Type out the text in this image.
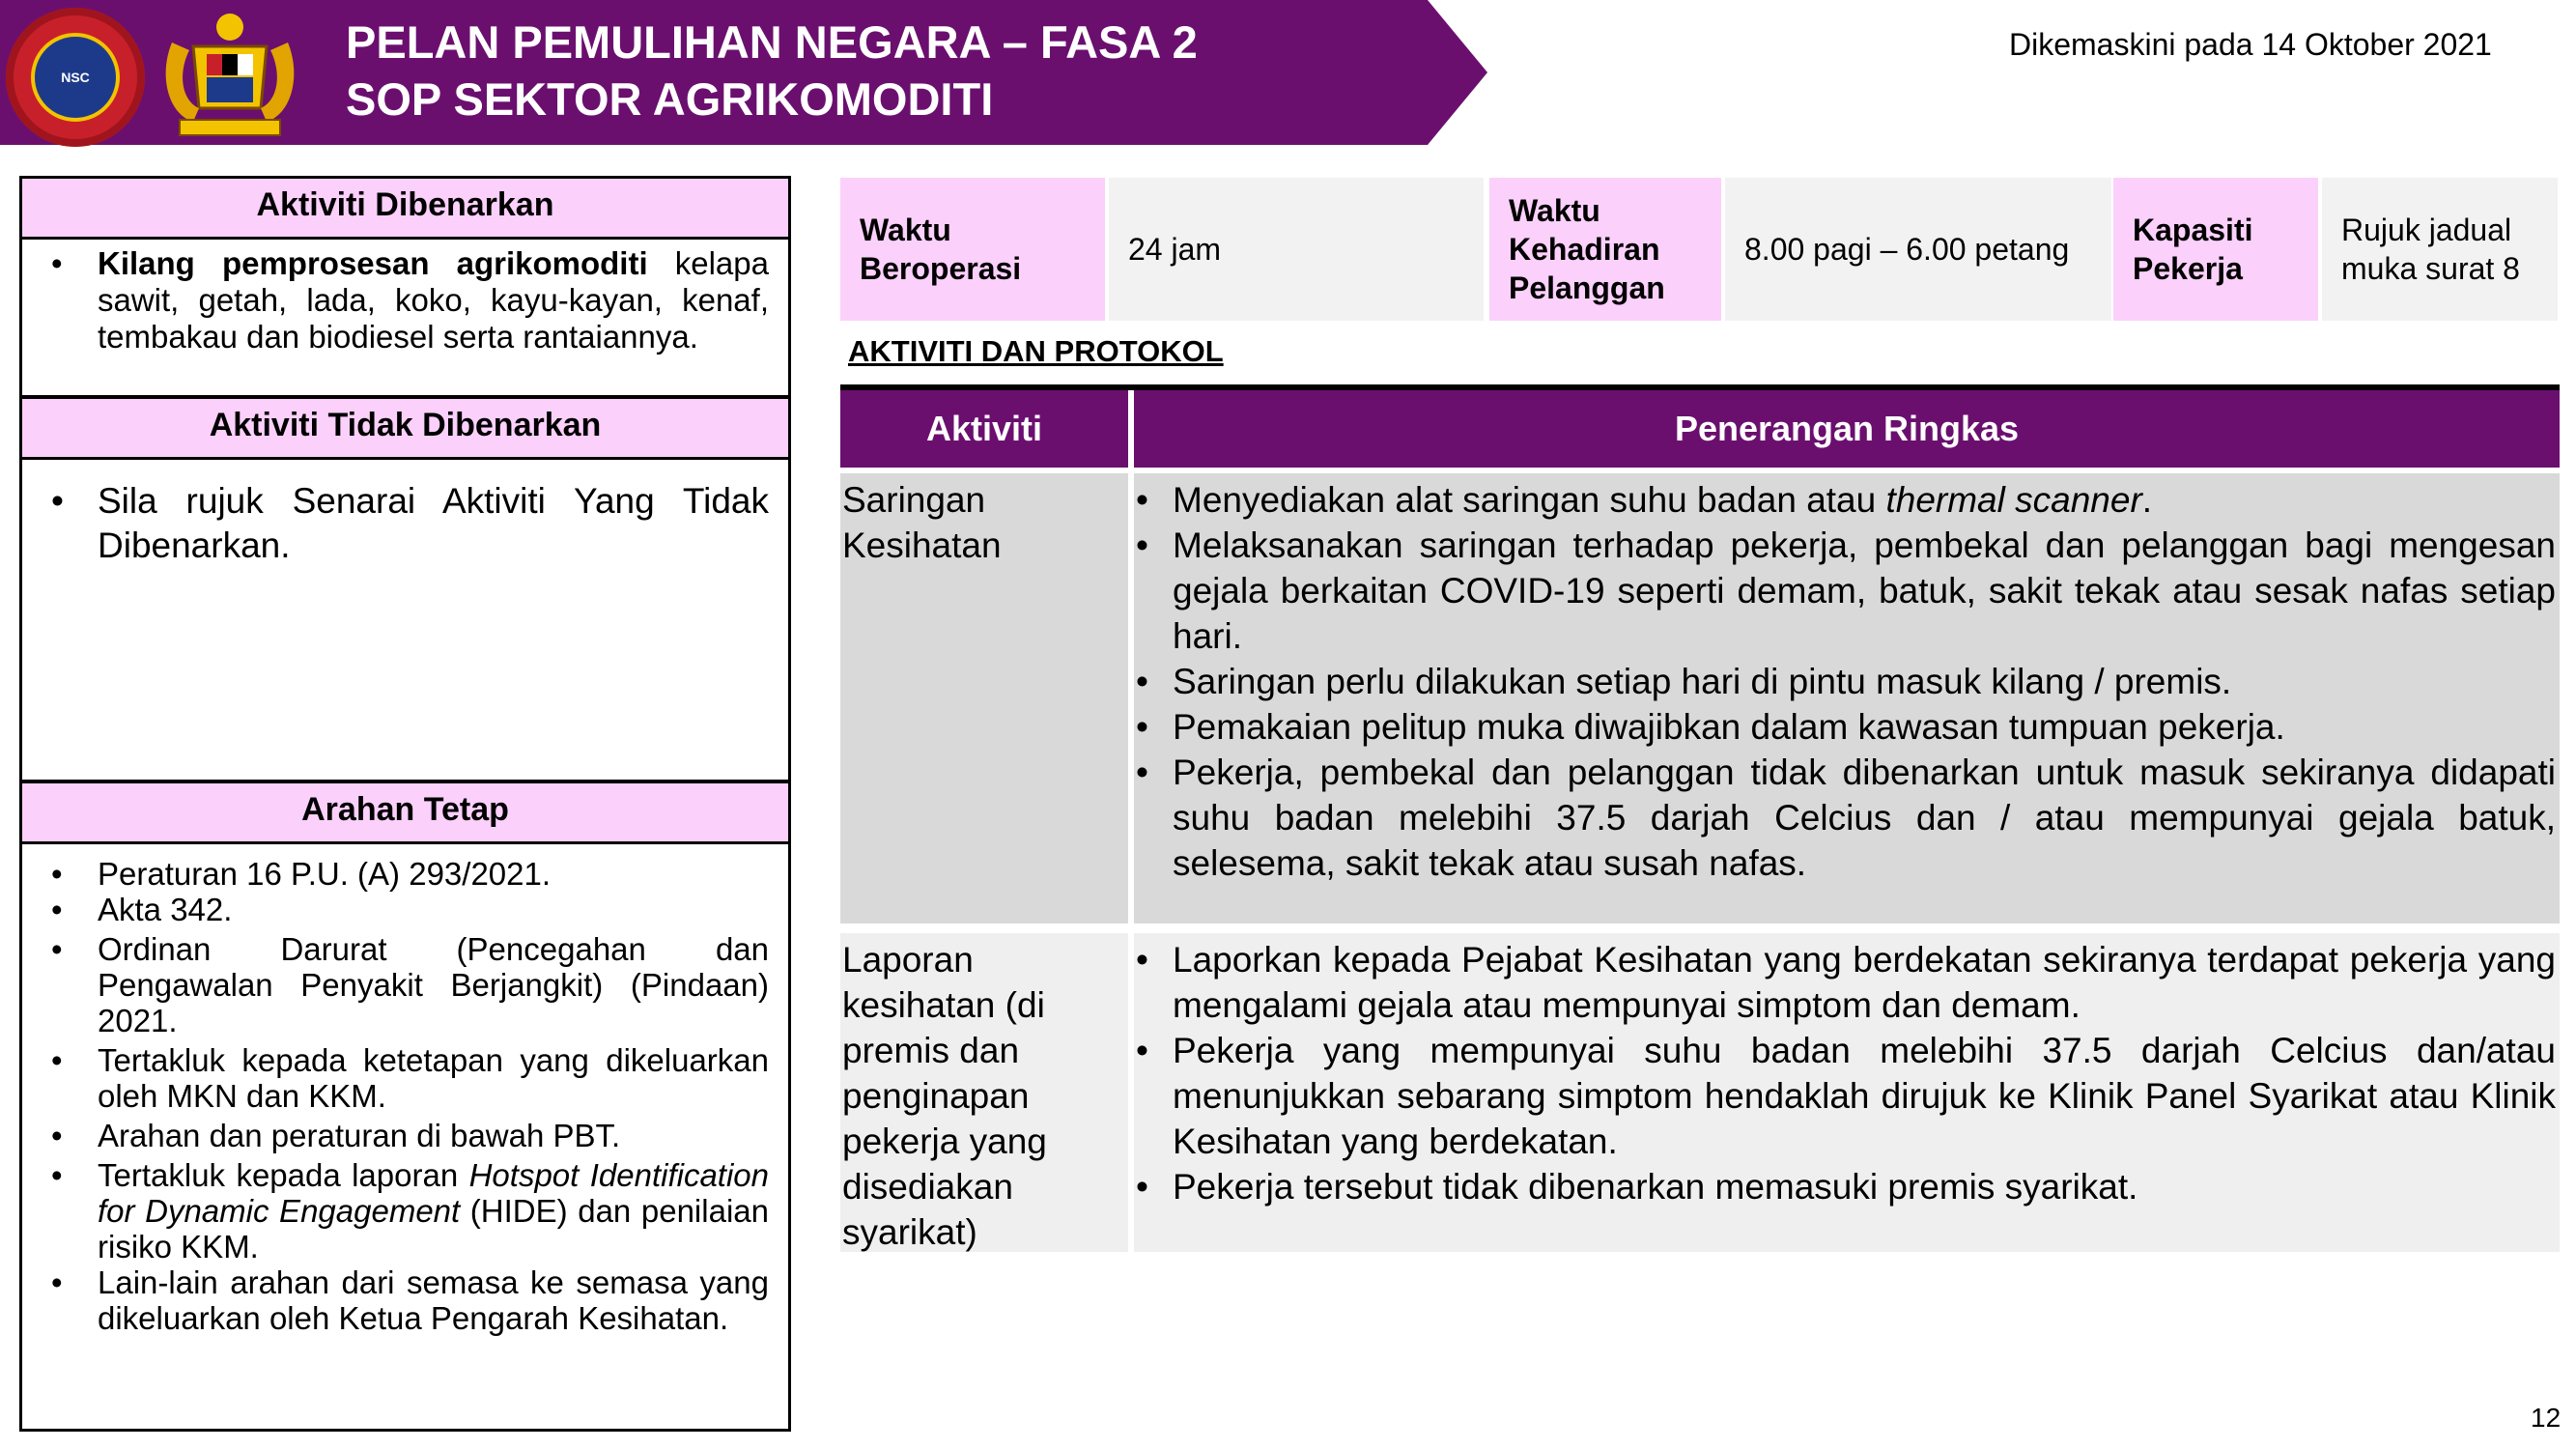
NSC
PELAN PEMULIHAN NEGARA – FASA 2
SOP SEKTOR AGRIKOMODITI
Dikemaskini pada 14 Oktober 2021
Aktiviti Dibenarkan
• Kilang pemprosesan agrikomoditi kelapa sawit, getah, lada, koko, kayu-kayan, kenaf, tembakau dan biodiesel serta rantaiannya.
Aktiviti Tidak Dibenarkan
• Sila rujuk Senarai Aktiviti Yang Tidak Dibenarkan.
Arahan Tetap
• Peraturan 16 P.U. (A) 293/2021.
• Akta 342.
• Ordinan Darurat (Pencegahan dan Pengawalan Penyakit Berjangkit) (Pindaan) 2021.
• Tertakluk kepada ketetapan yang dikeluarkan oleh MKN dan KKM.
• Arahan dan peraturan di bawah PBT.
• Tertakluk kepada laporan Hotspot Identification for Dynamic Engagement (HIDE) dan penilaian risiko KKM.
• Lain-lain arahan dari semasa ke semasa yang dikeluarkan oleh Ketua Pengarah Kesihatan.
Waktu Beroperasi
24 jam
Waktu Kehadiran Pelanggan
8.00 pagi – 6.00 petang
Kapasiti Pekerja
Rujuk jadual muka surat 8
AKTIVITI DAN PROTOKOL
Aktiviti	Penerangan Ringkas
Saringan Kesihatan
• Menyediakan alat saringan suhu badan atau thermal scanner.
• Melaksanakan saringan terhadap pekerja, pembekal dan pelanggan bagi mengesan gejala berkaitan COVID-19 seperti demam, batuk, sakit tekak atau sesak nafas setiap hari.
• Saringan perlu dilakukan setiap hari di pintu masuk kilang / premis.
• Pemakaian pelitup muka diwajibkan dalam kawasan tumpuan pekerja.
• Pekerja, pembekal dan pelanggan tidak dibenarkan untuk masuk sekiranya didapati suhu badan melebihi 37.5 darjah Celcius dan / atau mempunyai gejala batuk, selesema, sakit tekak atau susah nafas.
Laporan kesihatan (di premis dan penginapan pekerja yang disediakan syarikat)
• Laporkan kepada Pejabat Kesihatan yang berdekatan sekiranya terdapat pekerja yang mengalami gejala atau mempunyai simptom dan demam.
• Pekerja yang mempunyai suhu badan melebihi 37.5 darjah Celcius dan/atau menunjukkan sebarang simptom hendaklah dirujuk ke Klinik Panel Syarikat atau Klinik Kesihatan yang berdekatan.
• Pekerja tersebut tidak dibenarkan memasuki premis syarikat.
12
